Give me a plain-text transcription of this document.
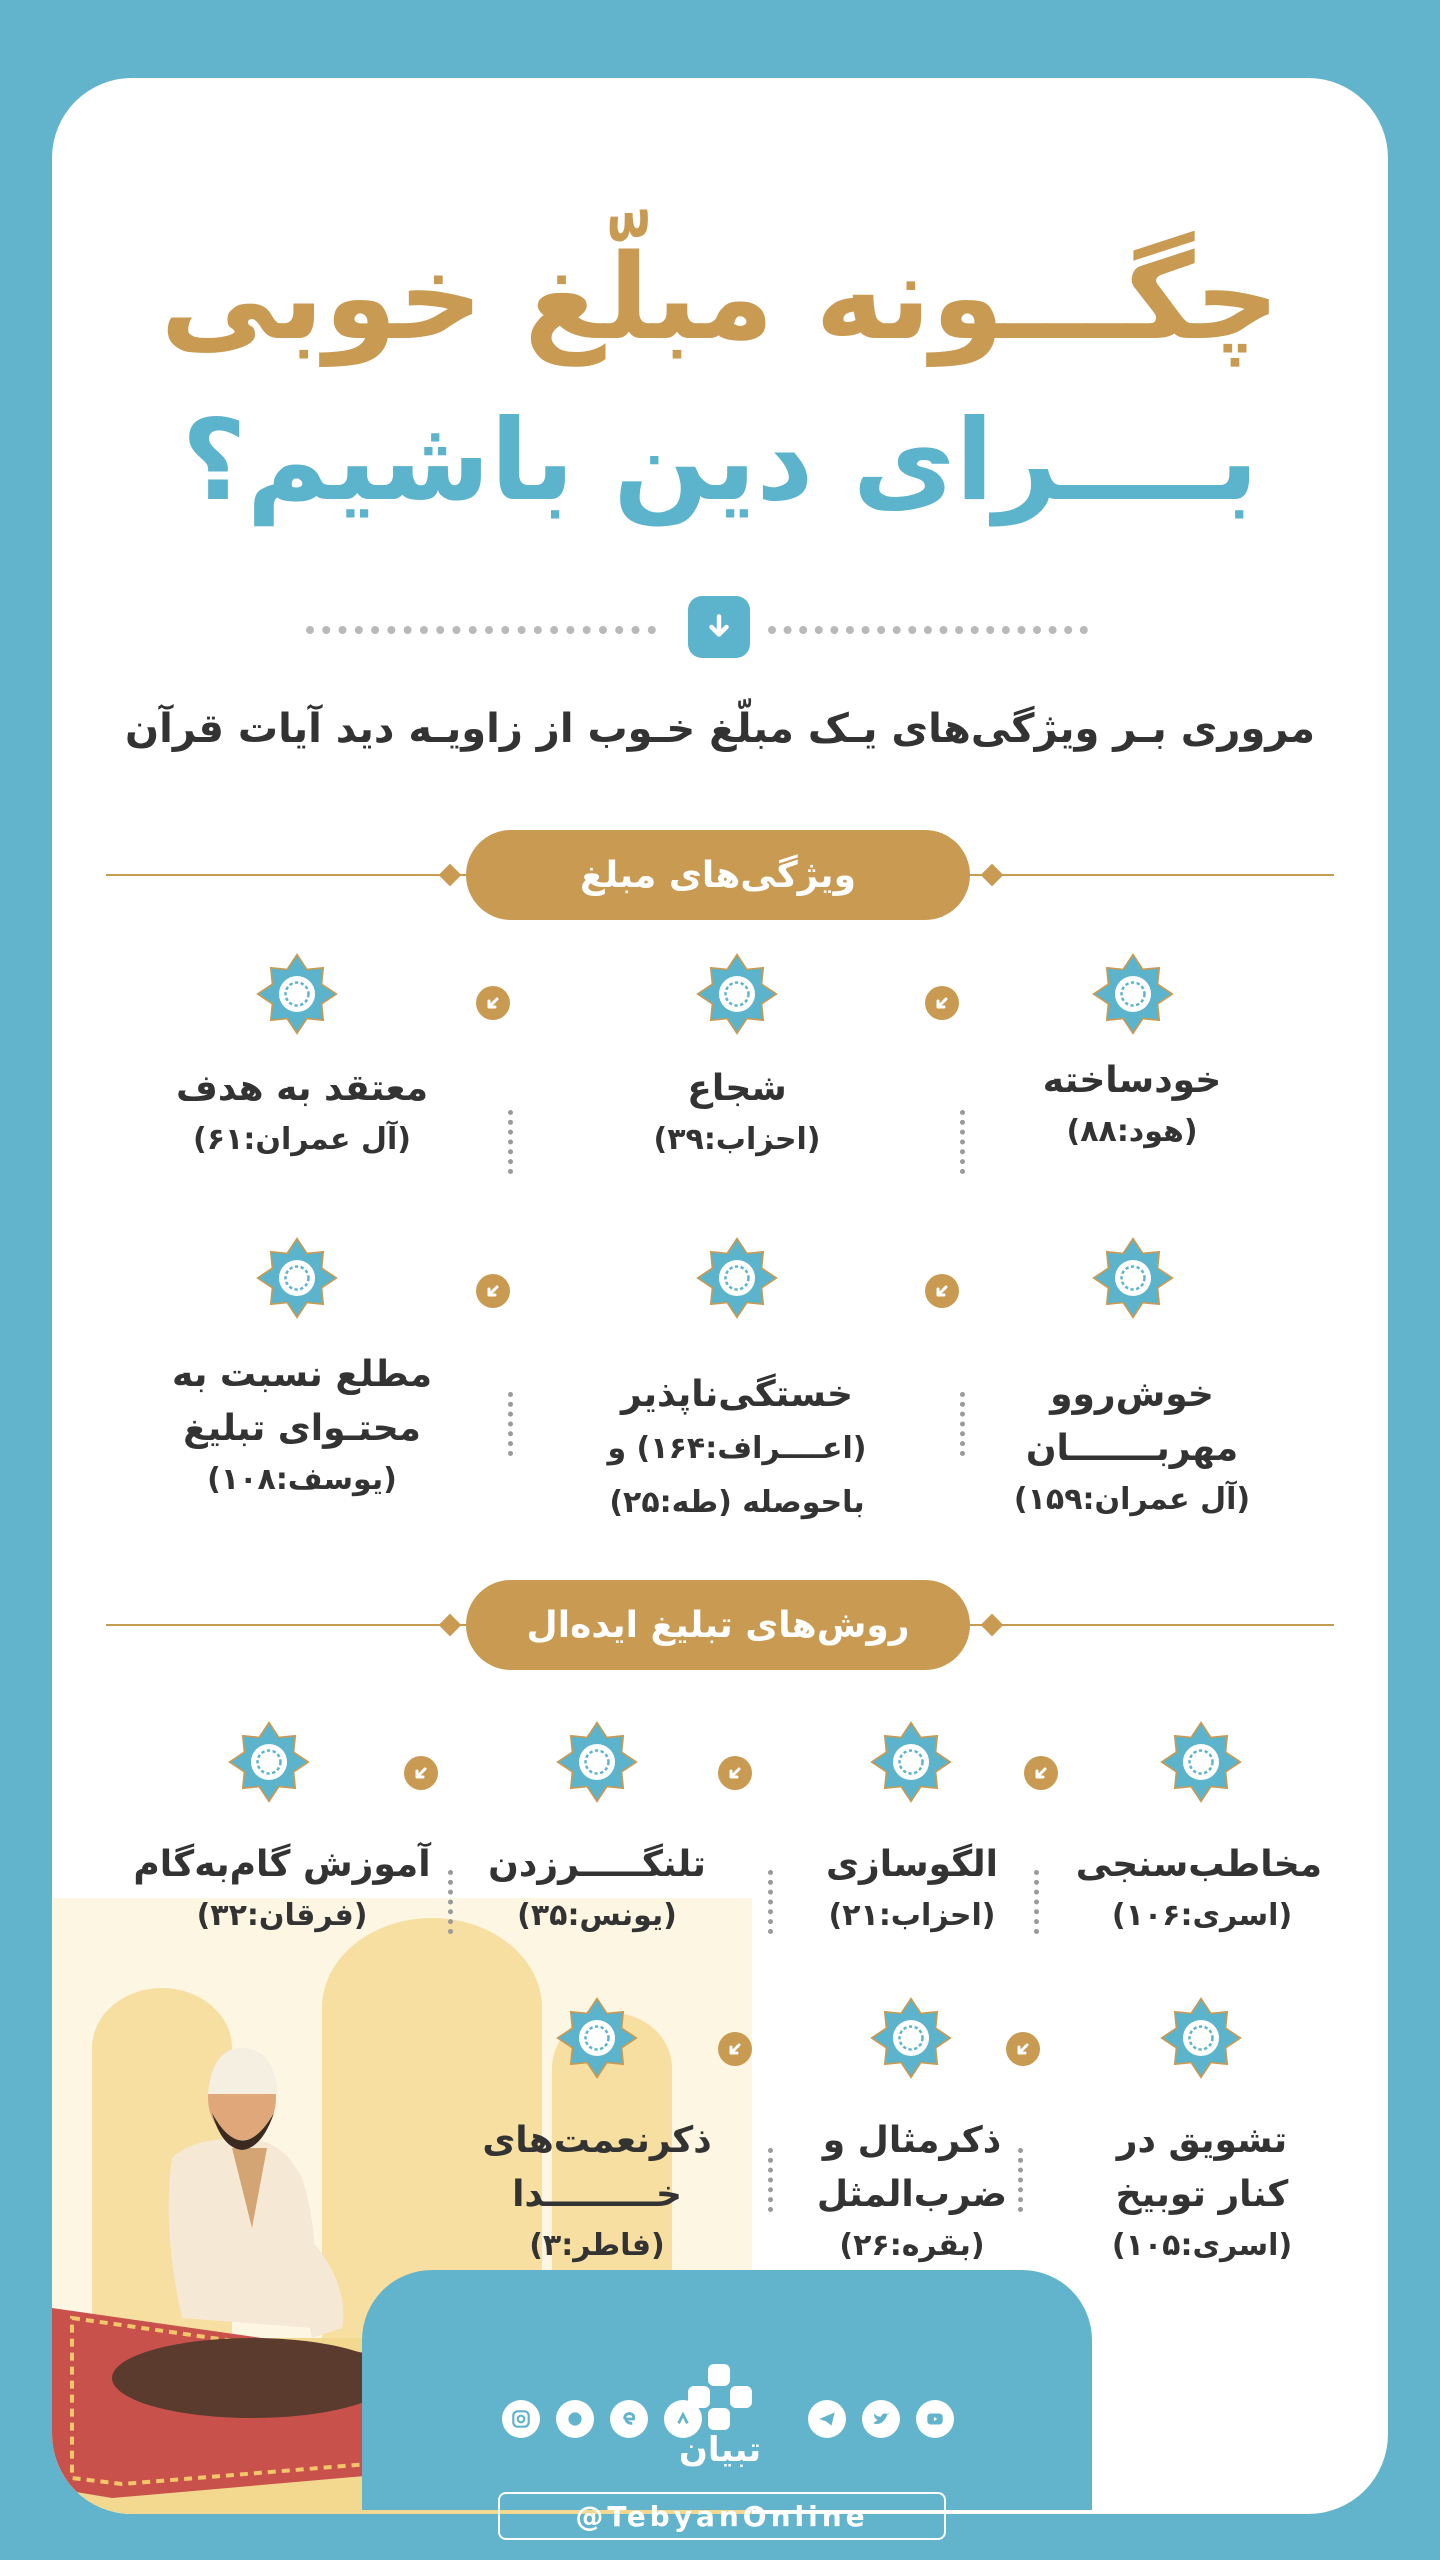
چگـــونه مبلّغ خوبی
بــــرای دین باشیم؟
مروری بـر ویژگی‌های یـک مبلّغ خـوب از زاویـه دید آیات قرآن
ویژگی‌های مبلغ
خودساخته
(هود:۸۸)
شجاع
(احزاب:۳۹)
معتقد به هدف
(آل عمران:۶۱)
خوش‌روو
مهربـــــــان
(آل عمران:۱۵۹)
خستگی‌ناپذیر
(اعــــراف:۱۶۴) و
باحوصله (طه:۲۵)
مطلع نسبت به
محتـوای تبلیغ
(یوسف:۱۰۸)
روش‌های تبلیغ ایده‌ال
مخاطب‌سنجی
(اسری:۱۰۶)
الگوسازی
(احزاب:۲۱)
تلنگـــــرزدن
(یونس:۳۵)
آموزش گام‌به‌گام
(فرقان:۳۲)
تشویق در
کنار توبیخ
(اسری:۱۰۵)
ذکرمثال و
ضرب‌المثل
(بقره:۲۶)
ذکرنعمت‌های
خـــــــــدا
(فاطر:۳)
تبیان
@TebyanOnline
